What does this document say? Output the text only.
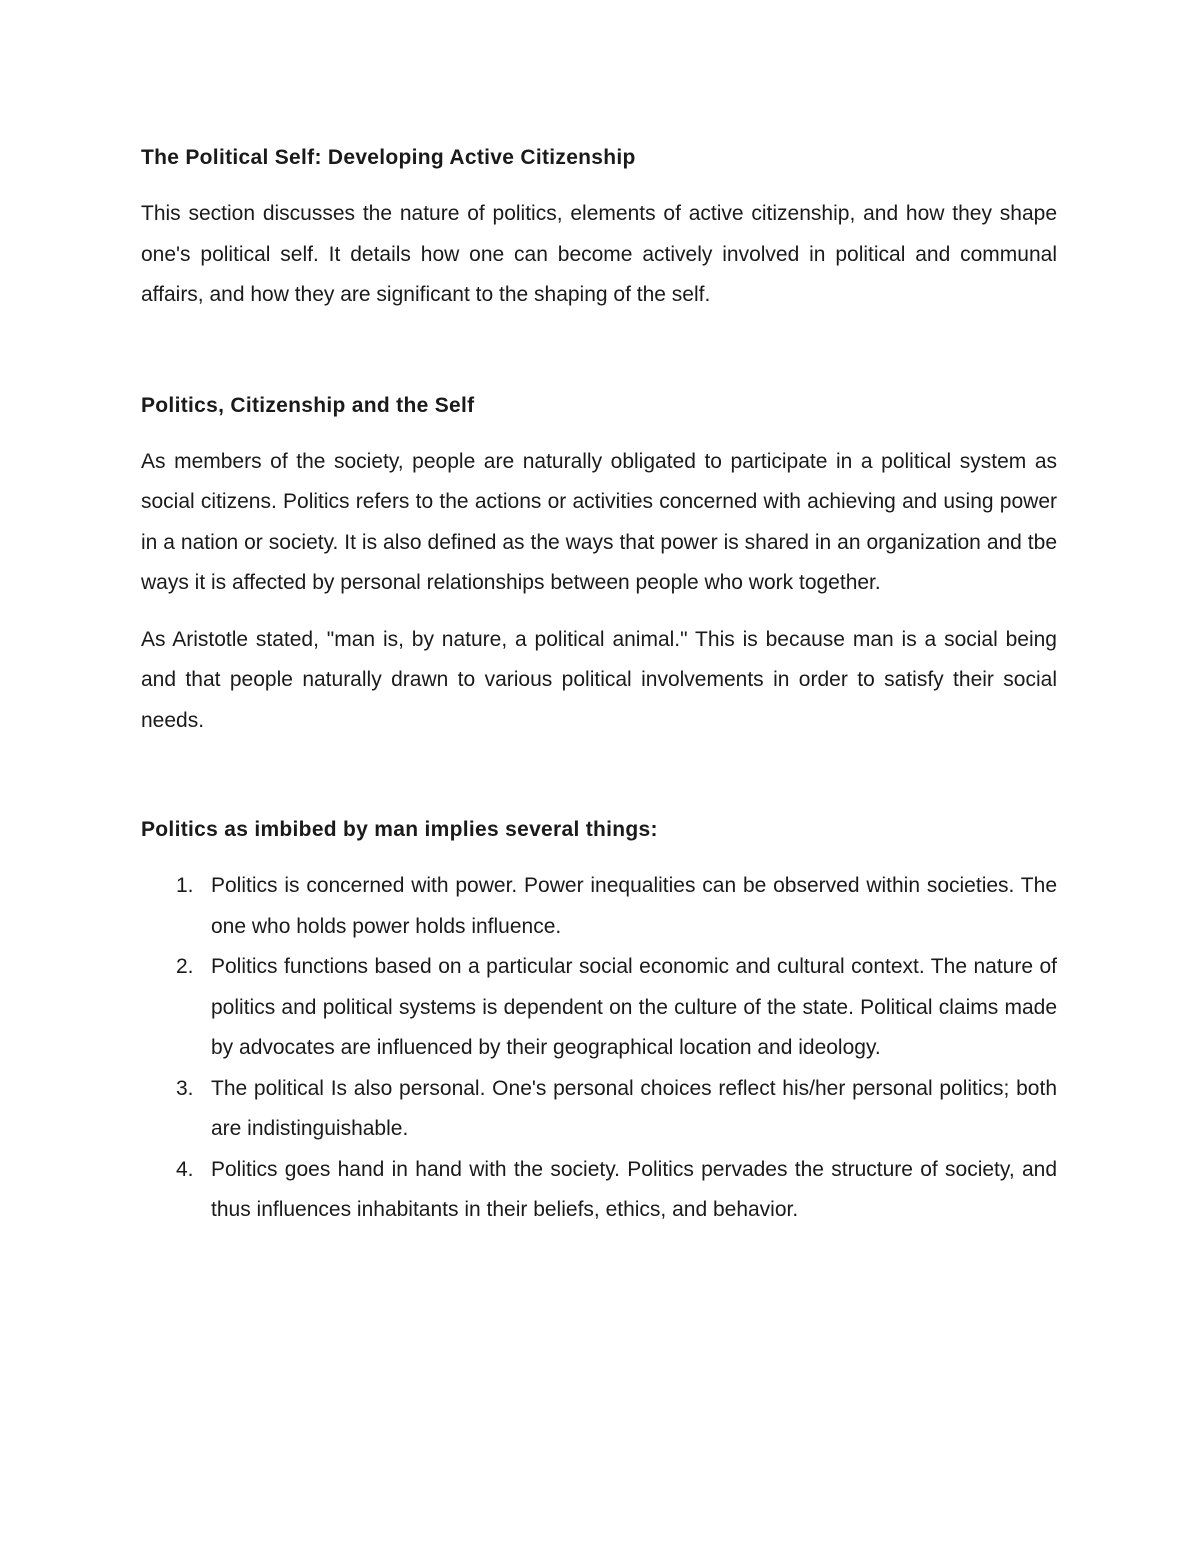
The Political Self: Developing Active Citizenship

This section discusses the nature of politics, elements of active citizenship, and how they shape one's political self. It details how one can become actively involved in political and communal affairs, and how they are significant to the shaping of the self.

Politics, Citizenship and the Self

As members of the society, people are naturally obligated to participate in a political system as social citizens. Politics refers to the actions or activities concerned with achieving and using power in a nation or society. It is also defined as the ways that power is shared in an organization and tbe ways it is affected by personal relationships between people who work together.

As Aristotle stated, "man is, by nature, a political animal." This is because man is a social being and that people naturally drawn to various political involvements in order to satisfy their social needs.

Politics as imbibed by man implies several things:
1. Politics is concerned with power. Power inequalities can be observed within societies. The one who holds power holds influence.
2. Politics functions based on a particular social economic and cultural context. The nature of politics and political systems is dependent on the culture of the state. Political claims made by advocates are influenced by their geographical location and ideology.
3. The political Is also personal. One's personal choices reflect his/her personal politics; both are indistinguishable.
4. Politics goes hand in hand with the society. Politics pervades the structure of society, and thus influences inhabitants in their beliefs, ethics, and behavior.
